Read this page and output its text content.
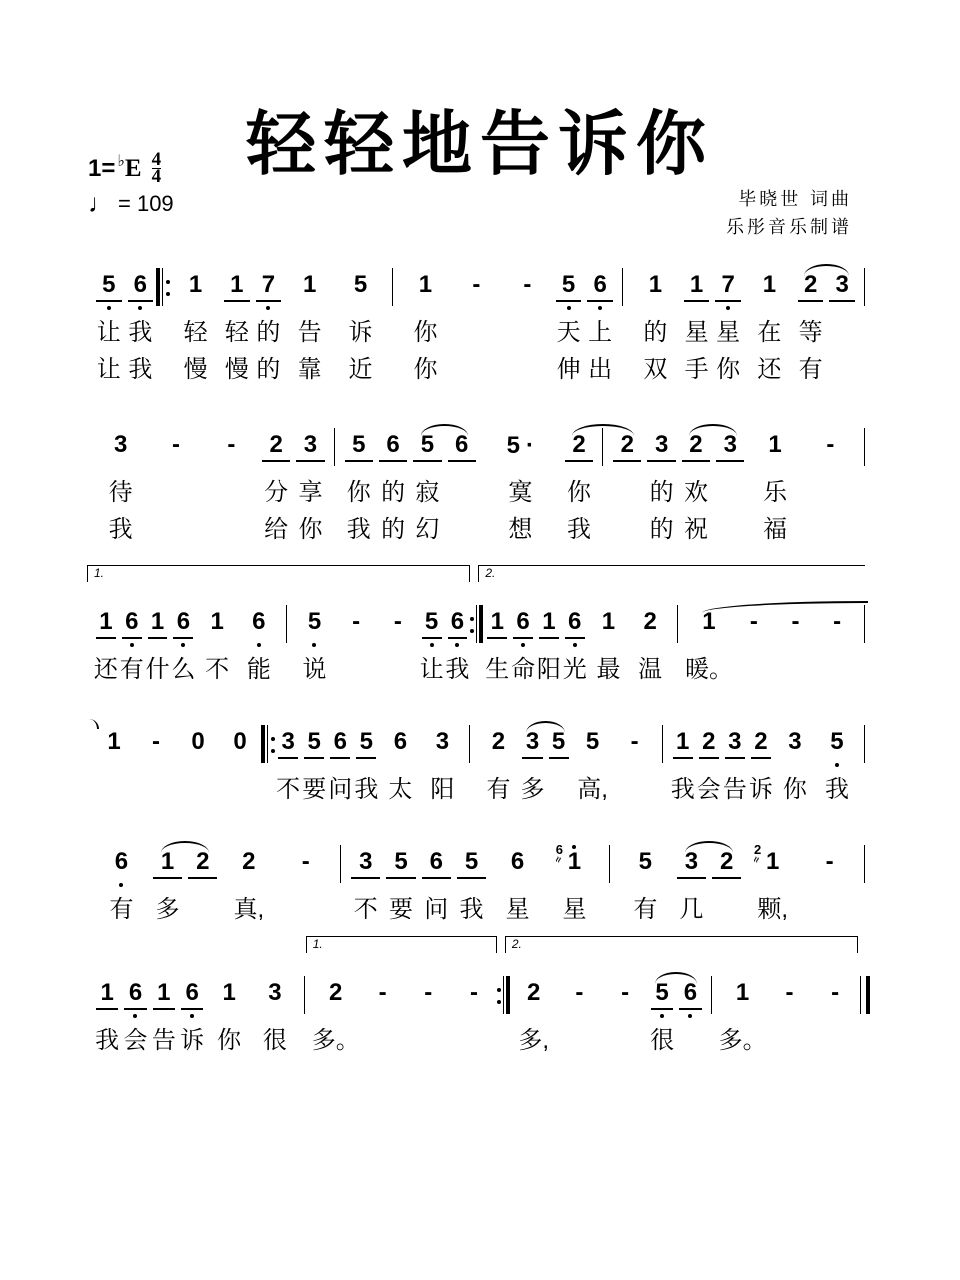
轻轻地告诉你
1= ♭ E 4
4
♩ = 109	毕晓世 词曲
乐彤音乐制谱
5
让
让
6
我
我
1
轻
慢
1
轻
慢
7
的
的
1
告
靠
5
诉
近
1
你
你
-	-	5
天
伸
6
上
出
1
的
双
1
星
手
7
星
你
1
在
还
2
等
有
3
3
待
我
-	-	2
分
给
3
享
你
5
你
我
6
的
的
5
寂
幻
6	5 ·
寞
想
2
你
我
2 3
的
的
2
欢
祝
3	1
乐
福
-
1
还
6
有
1
什
6
么
1
不
6
能
5
说
-	- 5
让
6
我
1
生
6
命
1
阳
6
光
1
最
2
温
1
暖。
-	-	-
1.	2.
1	-	0	0	3
不
5
要
6
问
5
我
6
太
3
阳
2
有
3
多
5 5
高,
-	1
我
2
会
3
告
2
诉
3
你
5
我
6
有
1
多
2	2
真,
-	3
不
5
要
6
问
5
我
6
星
6 ≈ 1
星
5
有
3
几
2	2 ≈ 1
颗,
-
1
我
6
会
1
告
6
诉
1
你
3
很
2
多。
-	-	-	2
多,
-	-	5
很
6	1
多。
-	-
1.	2.
